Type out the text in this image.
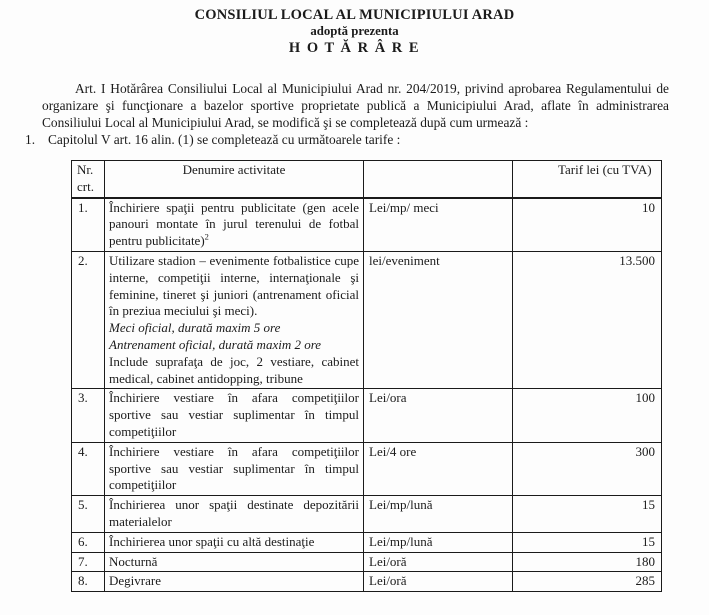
CONSILIUL LOCAL AL MUNICIPIULUI ARAD
adoptă prezenta
H O T Ă R Â R E

Art. I Hotărârea Consiliului Local al Municipiului Arad nr. 204/2019, privind aprobarea Regulamentului de organizare şi funcţionare a bazelor sportive proprietate publică a Municipiului Arad, aflate în administrarea Consiliului Local al Municipiului Arad, se modifică şi se completează după cum urmează :

1. Capitolul V art. 16 alin. (1) se completează cu următoarele tarife :
Nr. crt.	Denumire activitate		Tarif lei (cu TVA)
1.	Închiriere spaţii pentru publicitate (gen acele panouri montate în jurul terenului de fotbal pentru publicitate)$^2$	Lei/mp/ meci	10
2.	Utilizare stadion – evenimente fotbalistice cupe interne, competiţii interne, internaţionale şi feminine, tineret şi juniori (antrenament oficial în preziua meciului şi meci).
Meci oficial, durată maxim 5 ore
Antrenament oficial, durată maxim 2 ore
Include suprafaţa de joc, 2 vestiare, cabinet medical, cabinet antidopping, tribune	lei/eveniment	13.500
3.	Închiriere vestiare în afara competiţiilor sportive sau vestiar suplimentar în timpul competiţiilor	Lei/ora	100
4.	Închiriere vestiare în afara competiţiilor sportive sau vestiar suplimentar în timpul competiţiilor	Lei/4 ore	300
5.	Închirierea unor spaţii destinate depozitării materialelor	Lei/mp/lună	15
6.	Închirierea unor spaţii cu altă destinaţie	Lei/mp/lună	15
7.	Nocturnă	Lei/oră	180
8.	Degivrare	Lei/oră	285
